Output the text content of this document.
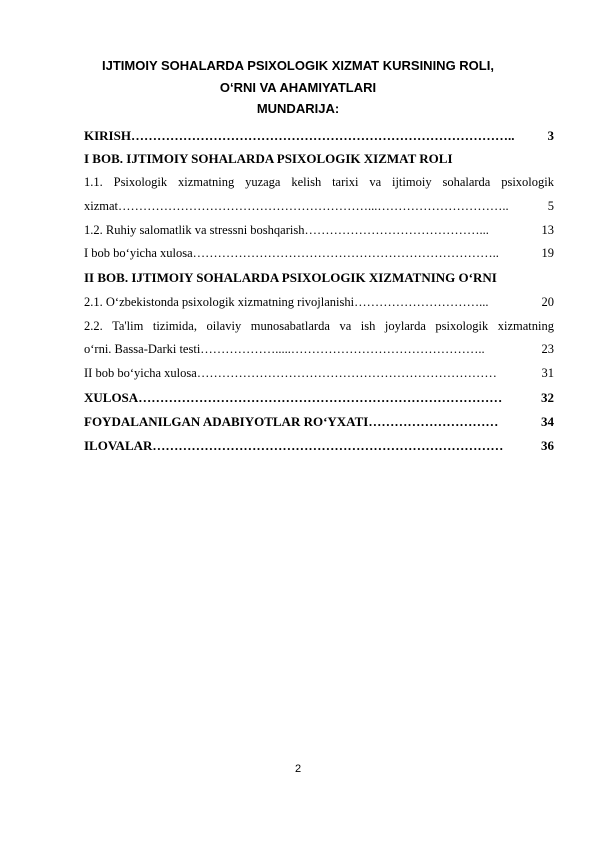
IJTIMOIY SOHALARDA PSIXOLOGIK XIZMAT KURSINING ROLI,
O‘RNI VA AHAMIYATLARI
MUNDARIJA:
KIRISH ……………………………………………………………………………..	3
I BOB. IJTIMOIY SOHALARDA PSIXOLOGIK XIZMAT ROLI
1.1. Psixologik xizmatning yuzaga kelish tarixi va ijtimoiy sohalarda psixologik
xizmat ……………………………………………………...…………………………..	5
1.2. Ruhiy salomatlik va stressni boshqarish ……………………………………...	13
I bob bo‘yicha xulosa ………………………………………………………………..	19
II BOB. IJTIMOIY SOHALARDA PSIXOLOGIK XIZMATNING O‘RNI
2.1. O‘zbekistonda psixologik xizmatning rivojlanishi …………………………...	20
2.2. Ta'lim tizimida, oilaviy munosabatlarda va ish joylarda psixologik xizmatning
o‘rni. Bassa-Darki testi ……………….....………………………………………..	23
II bob bo‘yicha xulosa ………………………………………………………………	31
XULOSA …………………………………………………………………………	32
FOYDALANILGAN ADABIYOTLAR RO‘YXATI …………………………	34
ILOVALAR ………………………………………………………………………	36
2
